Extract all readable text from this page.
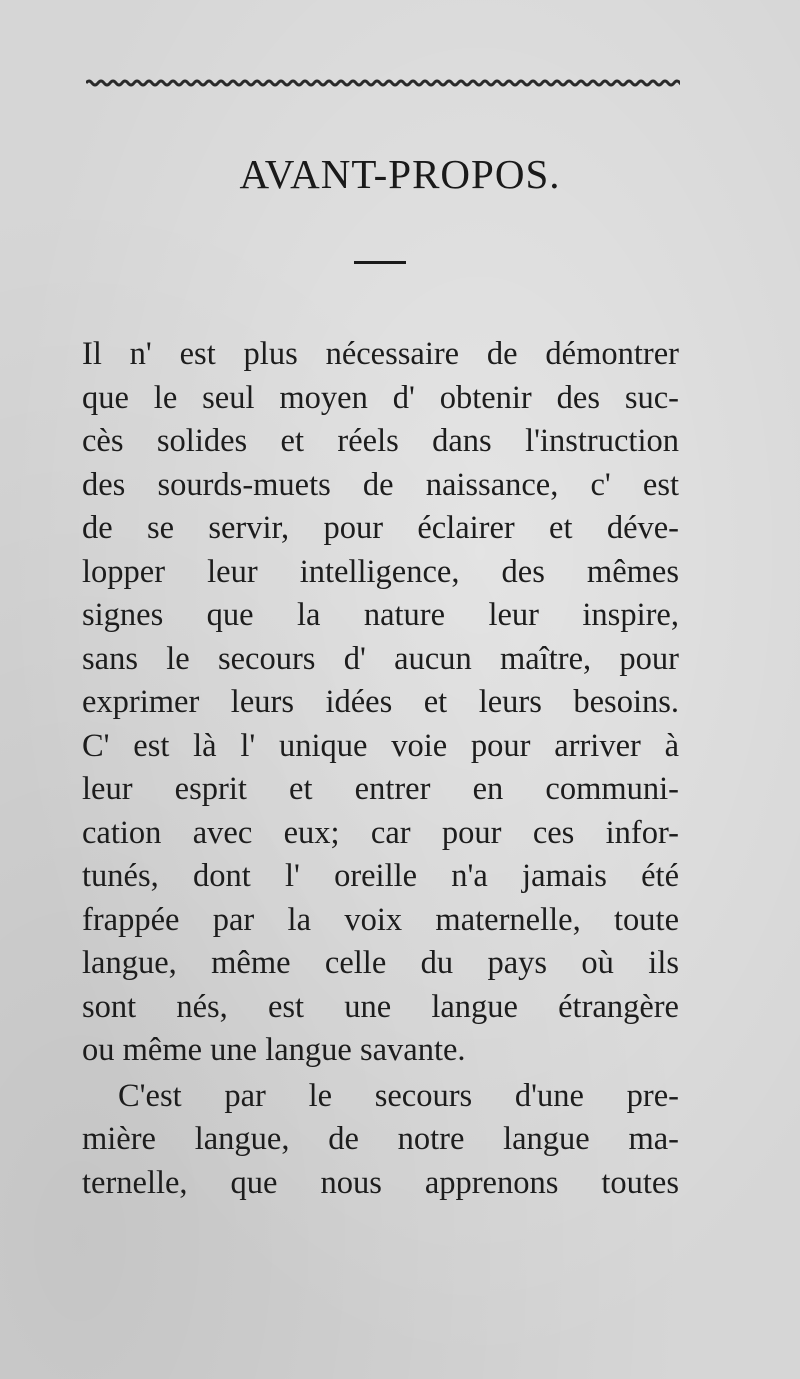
AVANT-PROPOS.
Il n' est plus nécessaire de démontrer
que le seul moyen d' obtenir des suc-
cès solides et réels dans l'instruction
des sourds-muets de naissance, c' est
de se servir, pour éclairer et déve-
lopper leur intelligence, des mêmes
signes que la nature leur inspire,
sans le secours d' aucun maître, pour
exprimer leurs idées et leurs besoins.
C' est là l' unique voie pour arriver à
leur esprit et entrer en communi-
cation avec eux; car pour ces infor-
tunés, dont l' oreille n'a jamais été
frappée par la voix maternelle, toute
langue, même celle du pays où ils
sont nés, est une langue étrangère
ou même une langue savante.
C'est par le secours d'une pre-
mière langue, de notre langue ma-
ternelle, que nous apprenons toutes
